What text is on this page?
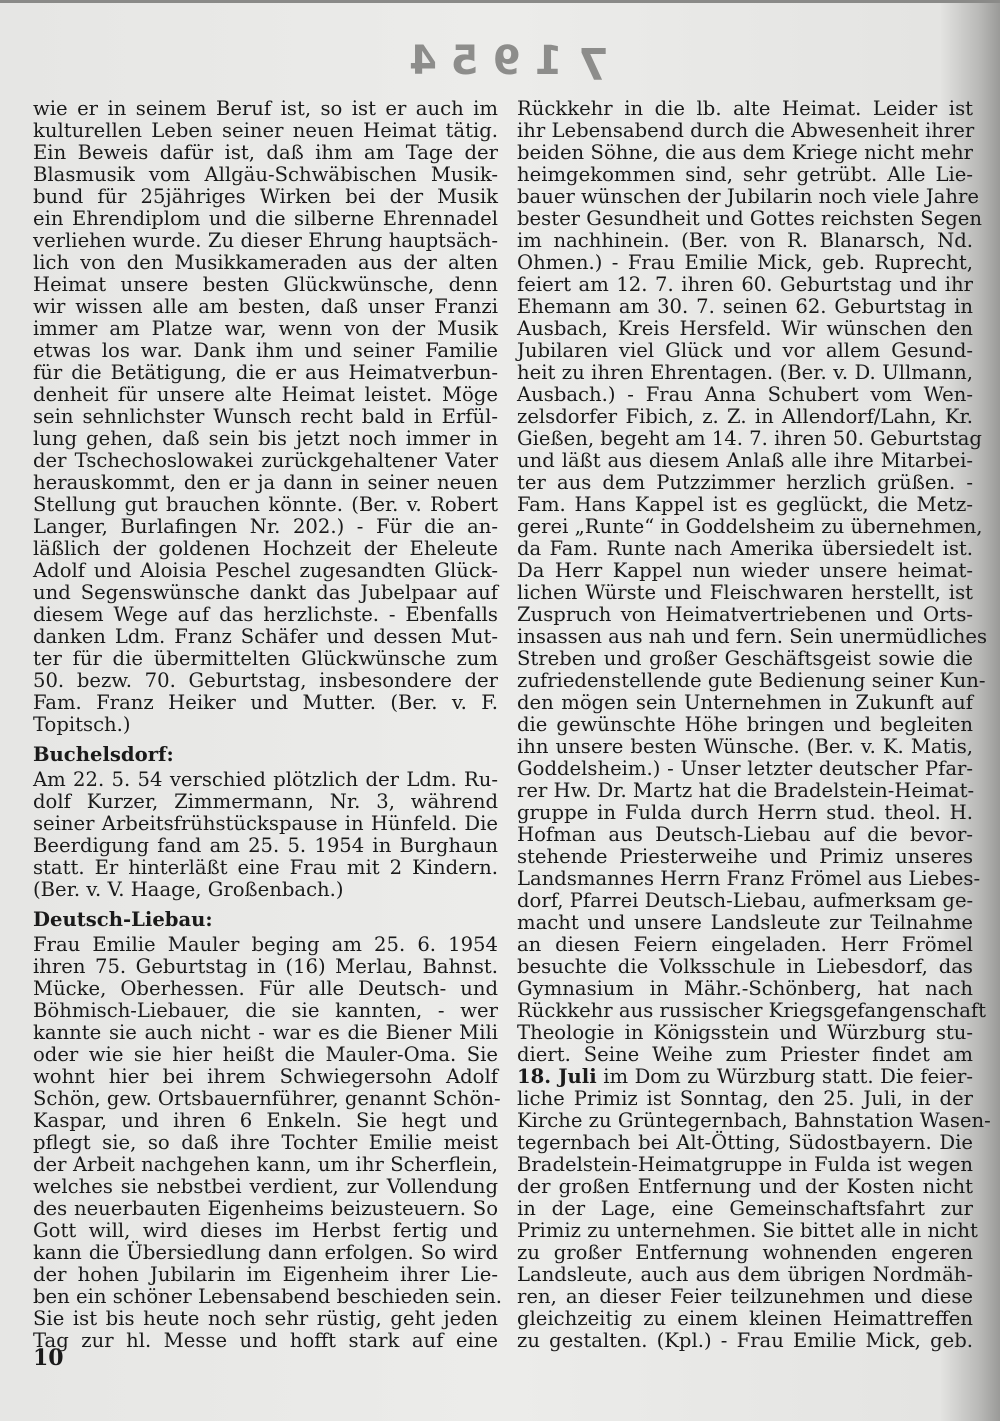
1954 7
wie er in seinem Beruf ist, so ist er auch im
kulturellen Leben seiner neuen Heimat tätig.
Ein Beweis dafür ist, daß ihm am Tage der
Blasmusik vom Allgäu-Schwäbischen Musik-
bund für 25jähriges Wirken bei der Musik
ein Ehrendiplom und die silberne Ehrennadel
verliehen wurde. Zu dieser Ehrung hauptsäch-
lich von den Musikkameraden aus der alten
Heimat unsere besten Glückwünsche, denn
wir wissen alle am besten, daß unser Franzi
immer am Platze war, wenn von der Musik
etwas los war. Dank ihm und seiner Familie
für die Betätigung, die er aus Heimatverbun-
denheit für unsere alte Heimat leistet. Möge
sein sehnlichster Wunsch recht bald in Erfül-
lung gehen, daß sein bis jetzt noch immer in
der Tschechoslowakei zurückgehaltener Vater
herauskommt, den er ja dann in seiner neuen
Stellung gut brauchen könnte. (Ber. v. Robert
Langer, Burlafingen Nr. 202.) - Für die an-
läßlich der goldenen Hochzeit der Eheleute
Adolf und Aloisia Peschel zugesandten Glück-
und Segenswünsche dankt das Jubelpaar auf
diesem Wege auf das herzlichste. - Ebenfalls
danken Ldm. Franz Schäfer und dessen Mut-
ter für die übermittelten Glückwünsche zum
50. bezw. 70. Geburtstag, insbesondere der
Fam. Franz Heiker und Mutter. (Ber. v. F.
Topitsch.)
Buchelsdorf:
Am 22. 5. 54 verschied plötzlich der Ldm. Ru-
dolf Kurzer, Zimmermann, Nr. 3, während
seiner Arbeitsfrühstückspause in Hünfeld. Die
Beerdigung fand am 25. 5. 1954 in Burghaun
statt. Er hinterläßt eine Frau mit 2 Kindern.
(Ber. v. V. Haage, Großenbach.)
Deutsch-Liebau:
Frau Emilie Mauler beging am 25. 6. 1954
ihren 75. Geburtstag in (16) Merlau, Bahnst.
Mücke, Oberhessen. Für alle Deutsch- und
Böhmisch-Liebauer, die sie kannten, - wer
kannte sie auch nicht - war es die Biener Mili
oder wie sie hier heißt die Mauler-Oma. Sie
wohnt hier bei ihrem Schwiegersohn Adolf
Schön, gew. Ortsbauernführer, genannt Schön-
Kaspar, und ihren 6 Enkeln. Sie hegt und
pflegt sie, so daß ihre Tochter Emilie meist
der Arbeit nachgehen kann, um ihr Scherflein,
welches sie nebstbei verdient, zur Vollendung
des neuerbauten Eigenheims beizusteuern. So
Gott will, wird dieses im Herbst fertig und
kann die Übersiedlung dann erfolgen. So wird
der hohen Jubilarin im Eigenheim ihrer Lie-
ben ein schöner Lebensabend beschieden sein.
Sie ist bis heute noch sehr rüstig, geht jeden
Tag zur hl. Messe und hofft stark auf eine
Rückkehr in die lb. alte Heimat. Leider ist
ihr Lebensabend durch die Abwesenheit ihrer
beiden Söhne, die aus dem Kriege nicht mehr
heimgekommen sind, sehr getrübt. Alle Lie-
bauer wünschen der Jubilarin noch viele Jahre
bester Gesundheit und Gottes reichsten Segen
im nachhinein. (Ber. von R. Blanarsch, Nd.
Ohmen.) - Frau Emilie Mick, geb. Ruprecht,
feiert am 12. 7. ihren 60. Geburtstag und ihr
Ehemann am 30. 7. seinen 62. Geburtstag in
Ausbach, Kreis Hersfeld. Wir wünschen den
Jubilaren viel Glück und vor allem Gesund-
heit zu ihren Ehrentagen. (Ber. v. D. Ullmann,
Ausbach.) - Frau Anna Schubert vom Wen-
zelsdorfer Fibich, z. Z. in Allendorf/Lahn, Kr.
Gießen, begeht am 14. 7. ihren 50. Geburtstag
und läßt aus diesem Anlaß alle ihre Mitarbei-
ter aus dem Putzzimmer herzlich grüßen. -
Fam. Hans Kappel ist es geglückt, die Metz-
gerei „Runte“ in Goddelsheim zu übernehmen,
da Fam. Runte nach Amerika übersiedelt ist.
Da Herr Kappel nun wieder unsere heimat-
lichen Würste und Fleischwaren herstellt, ist
Zuspruch von Heimatvertriebenen und Orts-
insassen aus nah und fern. Sein unermüdliches
Streben und großer Geschäftsgeist sowie die
zufriedenstellende gute Bedienung seiner Kun-
den mögen sein Unternehmen in Zukunft auf
die gewünschte Höhe bringen und begleiten
ihn unsere besten Wünsche. (Ber. v. K. Matis,
Goddelsheim.) - Unser letzter deutscher Pfar-
rer Hw. Dr. Martz hat die Bradelstein-Heimat-
gruppe in Fulda durch Herrn stud. theol. H.
Hofman aus Deutsch-Liebau auf die bevor-
stehende Priesterweihe und Primiz unseres
Landsmannes Herrn Franz Frömel aus Liebes-
dorf, Pfarrei Deutsch-Liebau, aufmerksam ge-
macht und unsere Landsleute zur Teilnahme
an diesen Feiern eingeladen. Herr Frömel
besuchte die Volksschule in Liebesdorf, das
Gymnasium in Mähr.-Schönberg, hat nach
Rückkehr aus russischer Kriegsgefangenschaft
Theologie in Königsstein und Würzburg stu-
diert. Seine Weihe zum Priester findet am
18. Juli im Dom zu Würzburg statt. Die feier-
liche Primiz ist Sonntag, den 25. Juli, in der
Kirche zu Grüntegernbach, Bahnstation Wasen-
tegernbach bei Alt-Ötting, Südostbayern. Die
Bradelstein-Heimatgruppe in Fulda ist wegen
der großen Entfernung und der Kosten nicht
in der Lage, eine Gemeinschaftsfahrt zur
Primiz zu unternehmen. Sie bittet alle in nicht
zu großer Entfernung wohnenden engeren
Landsleute, auch aus dem übrigen Nordmäh-
ren, an dieser Feier teilzunehmen und diese
gleichzeitig zu einem kleinen Heimattreffen
zu gestalten. (Kpl.) - Frau Emilie Mick, geb.
10
